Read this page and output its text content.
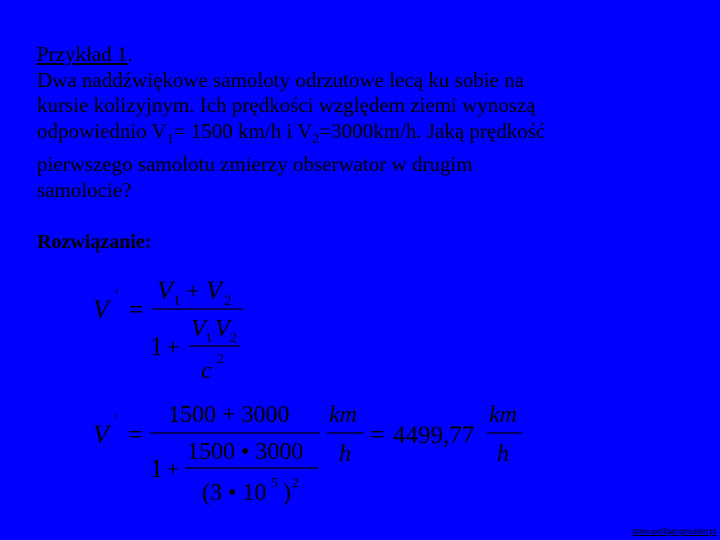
Przykład 1.
Dwa naddźwiękowe samoloty odrzutowe lecą ku sobie na
kursie kolizyjnym. Ich prędkości względem ziemi wynoszą
odpowiednio $V_1= 1500$ km/h i $V_2=3000km/h$. Jaką prędkość
pierwszego samolotu zmierzy obserwator w drugim
samolocie?

Rozwiązanie:

V ' =
V 1 + V 2
1 +
V 1 V 2
c 2
V ' =
1500 + 3000
1 +
1500 • 3000
(3 • 10 5 ) 2
km
h
= 4499,77
km
h
www.wolfgangmulder.pl
